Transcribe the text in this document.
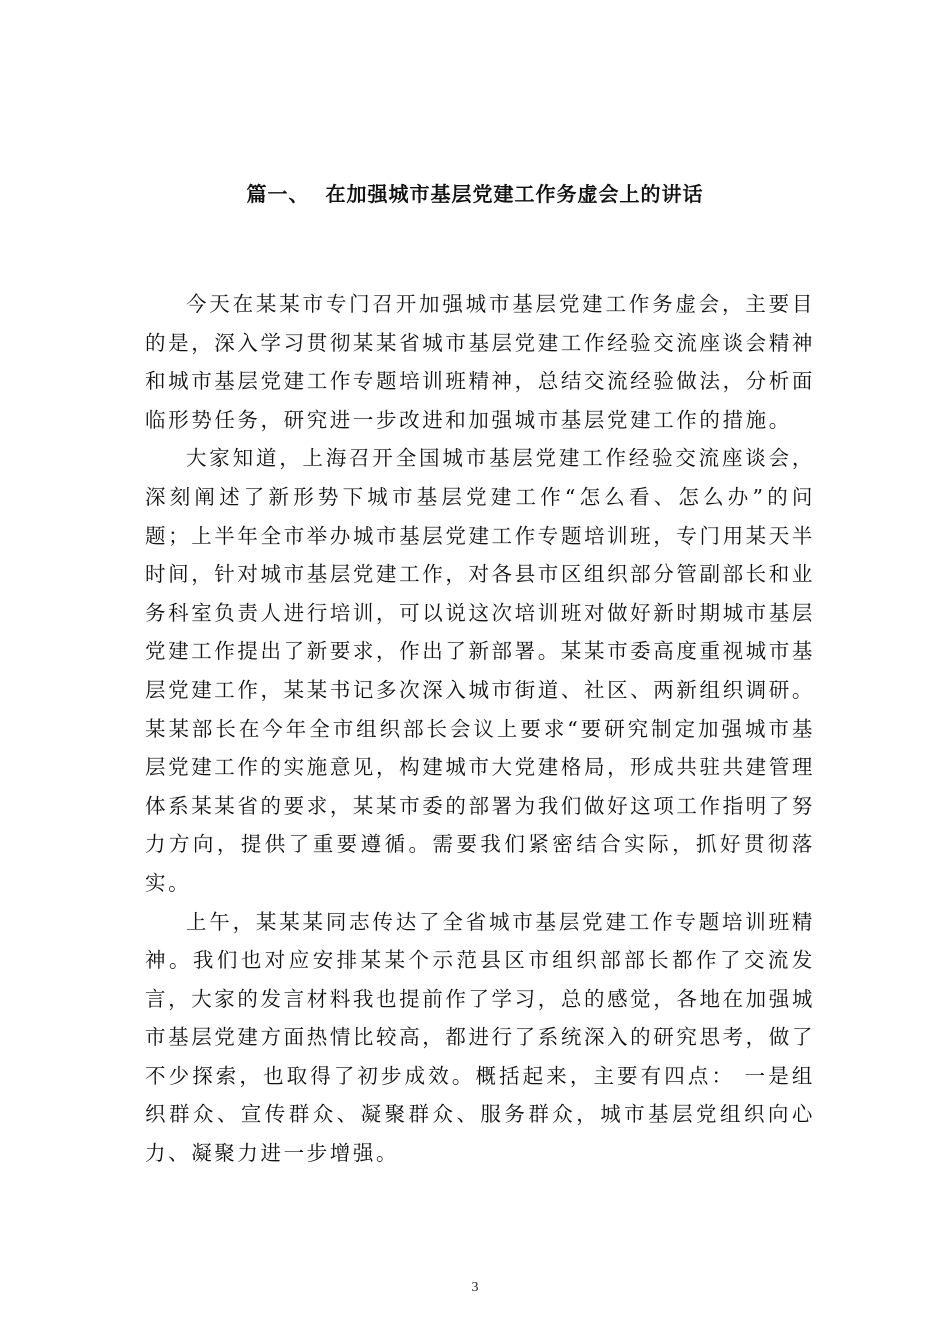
篇一、  在加强城市基层党建工作务虚会上的讲话

今天在某某市专门召开加强城市基层党建工作务虚会，主要目的是，深入学习贯彻某某省城市基层党建工作经验交流座谈会精神和城市基层党建工作专题培训班精神，总结交流经验做法，分析面临形势任务，研究进一步改进和加强城市基层党建工作的措施。

大家知道，上海召开全国城市基层党建工作经验交流座谈会，深刻阐述了新形势下城市基层党建工作“怎么看、怎么办”的问题；上半年全市举办城市基层党建工作专题培训班，专门用某天半时间，针对城市基层党建工作，对各县市区组织部分管副部长和业务科室负责人进行培训，可以说这次培训班对做好新时期城市基层党建工作提出了新要求，作出了新部署。某某市委高度重视城市基层党建工作，某某书记多次深入城市街道、社区、两新组织调研。某某部长在今年全市组织部长会议上要求“要研究制定加强城市基层党建工作的实施意见，构建城市大党建格局，形成共驻共建管理体系某某省的要求，某某市委的部署为我们做好这项工作指明了努力方向，提供了重要遵循。需要我们紧密结合实际，抓好贯彻落实。

上午，某某某同志传达了全省城市基层党建工作专题培训班精神。我们也对应安排某某个示范县区市组织部部长都作了交流发言，大家的发言材料我也提前作了学习，总的感觉，各地在加强城市基层党建方面热情比较高，都进行了系统深入的研究思考，做了不少探索，也取得了初步成效。概括起来，主要有四点： 一是组织群众、宣传群众、凝聚群众、服务群众，城市基层党组织向心力、凝聚力进一步增强。

3
